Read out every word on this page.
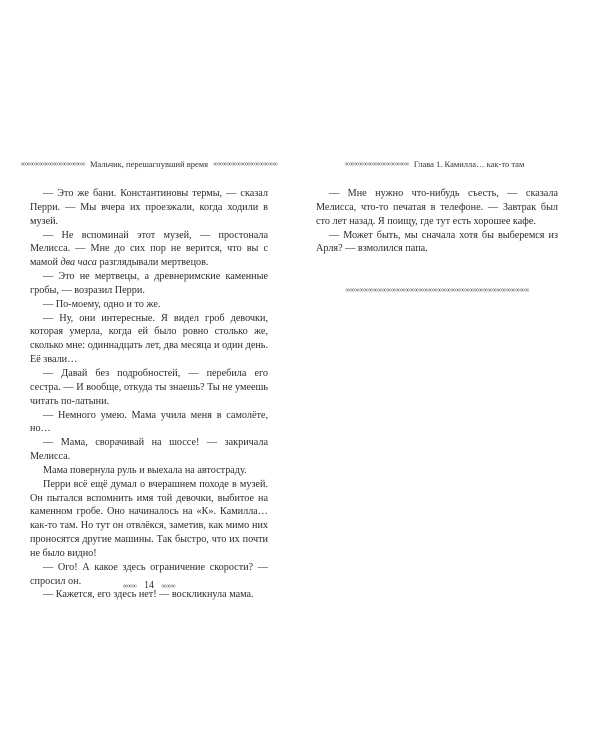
∞∞∞∞∞∞∞∞∞∞∞∞∞∞ Мальчик, перешагнувший время ∞∞∞∞∞∞∞∞∞∞∞∞∞∞

— Это же бани. Константиновы термы, — сказал Перри. — Мы вчера их проезжали, когда ходили в музей.

— Не вспоминай этот музей, — простонала Мелисса. — Мне до сих пор не верится, что вы с мамой два часа разглядывали мертвецов.

— Это не мертвецы, а древнеримские каменные гробы, — возразил Перри.

— По-моему, одно и то же.

— Ну, они интересные. Я видел гроб девочки, которая умерла, когда ей было ровно столько же, сколько мне: одиннадцать лет, два месяца и один день. Её звали…

— Давай без подробностей, — перебила его сестра. — И вообще, откуда ты знаешь? Ты не умеешь читать по-латыни.

— Немного умею. Мама учила меня в самолёте, но…

— Мама, сворачивай на шоссе! — закричала Мелисса.

Мама повернула руль и выехала на автостраду.

Перри всё ещё думал о вчерашнем походе в музей. Он пытался вспомнить имя той девочки, выбитое на каменном гробе. Оно начиналось на «К». Камилла… как-то там. Но тут он отвлёкся, заметив, как мимо них проносятся другие машины. Так быстро, что их почти не было видно!

— Ого! А какое здесь ограничение скорости? — спросил он.

— Кажется, его здесь нет! — воскликнула мама.

∞∞∞ 14 ∞∞∞
∞∞∞∞∞∞∞∞∞∞∞∞∞∞ Глава 1. Камилла… как-то там

— Мне нужно что-нибудь съесть, — сказала Мелисса, что-то печатая в телефоне. — Завтрак был сто лет назад. Я поищу, где тут есть хорошее кафе.

— Может быть, мы сначала хотя бы выберемся из Арля? — взмолился папа.

∞∞∞∞∞∞∞∞∞∞∞∞∞∞∞∞∞∞∞∞∞∞∞∞∞∞∞∞∞∞∞∞∞∞∞∞∞∞∞∞
